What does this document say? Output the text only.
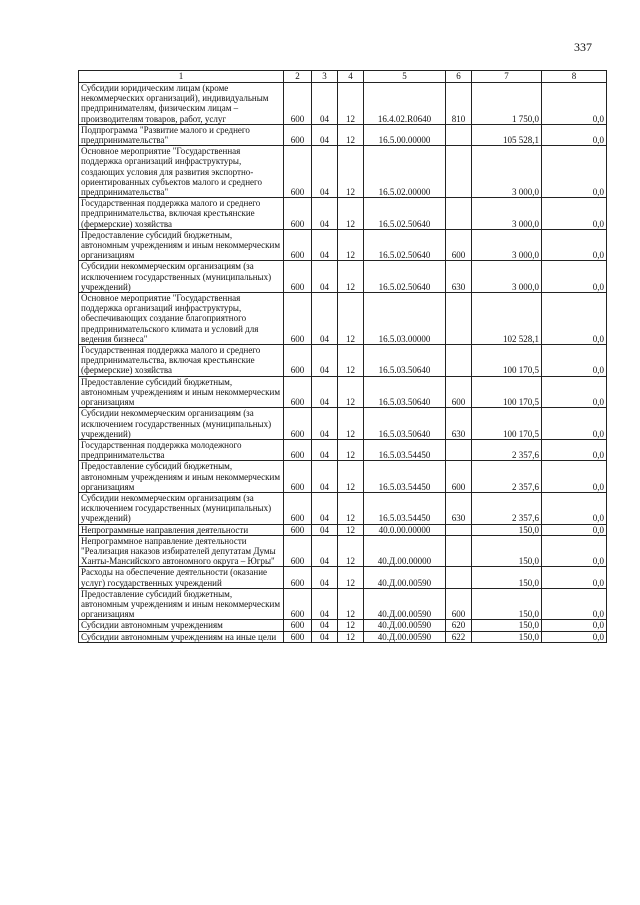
337
1	2	3	4	5	6	7	8
Субсидии юридическим лицам (кроме некоммерческих организаций), индивидуальным предпринимателям, физическим лицам – производителям товаров, работ, услуг	600	04	12	16.4.02.R0640	810	1 750,0	0,0
Подпрограмма "Развитие малого и среднего предпринимательства"	600	04	12	16.5.00.00000		105 528,1	0,0
Основное мероприятие "Государственная поддержка организаций инфраструктуры, создающих условия для развития экспортно-ориентированных субъектов малого и среднего предпринимательства"	600	04	12	16.5.02.00000		3 000,0	0,0
Государственная поддержка малого и среднего предпринимательства, включая крестьянские (фермерские) хозяйства	600	04	12	16.5.02.50640		3 000,0	0,0
Предоставление субсидий бюджетным, автономным учреждениям и иным некоммерческим организациям	600	04	12	16.5.02.50640	600	3 000,0	0,0
Субсидии некоммерческим организациям (за исключением государственных (муниципальных) учреждений)	600	04	12	16.5.02.50640	630	3 000,0	0,0
Основное мероприятие "Государственная поддержка организаций инфраструктуры, обеспечивающих создание благоприятного предпринимательского климата и условий для ведения бизнеса"	600	04	12	16.5.03.00000		102 528,1	0,0
Государственная поддержка малого и среднего предпринимательства, включая крестьянские (фермерские) хозяйства	600	04	12	16.5.03.50640		100 170,5	0,0
Предоставление субсидий бюджетным, автономным учреждениям и иным некоммерческим организациям	600	04	12	16.5.03.50640	600	100 170,5	0,0
Субсидии некоммерческим организациям (за исключением государственных (муниципальных) учреждений)	600	04	12	16.5.03.50640	630	100 170,5	0,0
Государственная поддержка молодежного предпринимательства	600	04	12	16.5.03.54450		2 357,6	0,0
Предоставление субсидий бюджетным, автономным учреждениям и иным некоммерческим организациям	600	04	12	16.5.03.54450	600	2 357,6	0,0
Субсидии некоммерческим организациям (за исключением государственных (муниципальных) учреждений)	600	04	12	16.5.03.54450	630	2 357,6	0,0
Непрограммные направления деятельности	600	04	12	40.0.00.00000		150,0	0,0
Непрограммное направление деятельности "Реализация наказов избирателей депутатам Думы Ханты-Мансийского автономного округа – Югры"	600	04	12	40.Д.00.00000		150,0	0,0
Расходы на обеспечение деятельности (оказание услуг) государственных учреждений	600	04	12	40.Д.00.00590		150,0	0,0
Предоставление субсидий бюджетным, автономным учреждениям и иным некоммерческим организациям	600	04	12	40.Д.00.00590	600	150,0	0,0
Субсидии автономным учреждениям	600	04	12	40.Д.00.00590	620	150,0	0,0
Субсидии автономным учреждениям на иные цели	600	04	12	40.Д.00.00590	622	150,0	0,0
